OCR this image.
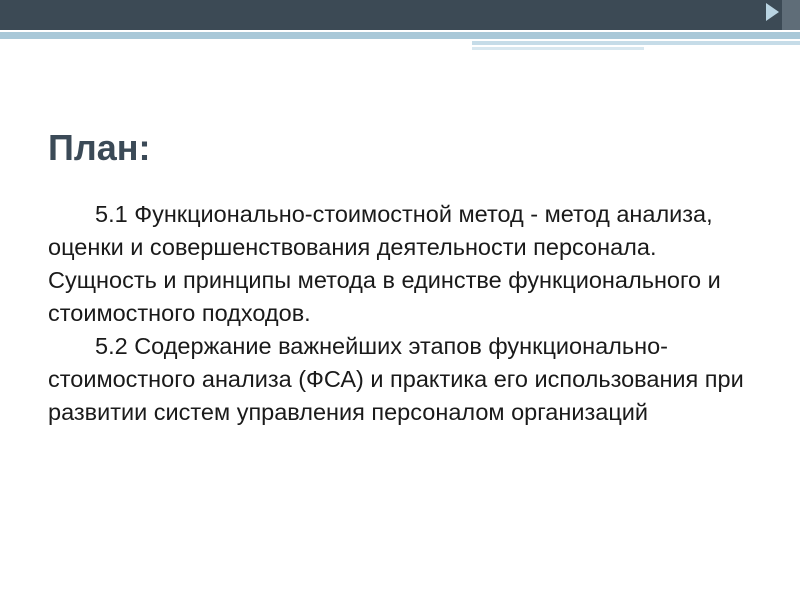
План:

5.1 Функционально-стоимостной метод - метод анализа, оценки и совершенствования деятельности персонала. Сущность и принципы метода в единстве функционального и стоимостного подходов.

5.2 Содержание важнейших этапов функционально-стоимостного анализа (ФСА) и практика его использования при развитии систем управления персоналом организаций
